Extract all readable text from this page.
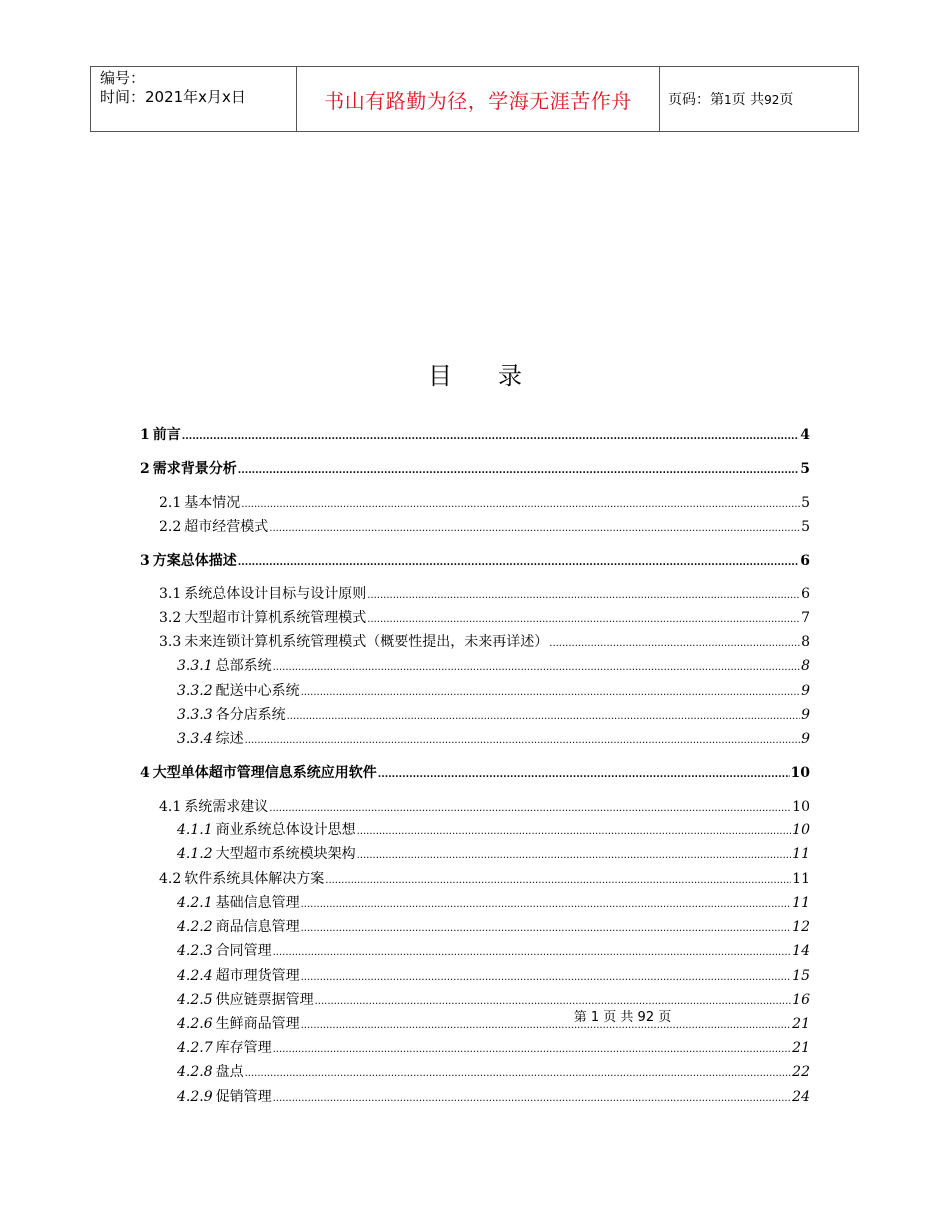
编号：
时间：2021年x月x日	书山有路勤为径，学海无涯苦作舟	页码：第1页 共92页
目 录
1 前言 .....	4
2 需求背景分析 .....	5
2.1 基本情况 .....	5
2.2 超市经营模式 .....	5
3 方案总体描述 .....	6
3.1 系统总体设计目标与设计原则 .....	6
3.2 大型超市计算机系统管理模式 .....	7
3.3 未来连锁计算机系统管理模式（概要性提出，未来再详述） .....	8
3.3.1 总部系统 .....	8
3.3.2 配送中心系统 .....	9
3.3.3 各分店系统 .....	9
3.3.4 综述 .....	9
4 大型单体超市管理信息系统应用软件 .....	10
4.1 系统需求建议 .....	10
4.1.1 商业系统总体设计思想 .....	10
4.1.2 大型超市系统模块架构 .....	11
4.2 软件系统具体解决方案 .....	11
4.2.1 基础信息管理 .....	11
4.2.2 商品信息管理 .....	12
4.2.3 合同管理 .....	14
4.2.4 超市理货管理 .....	15
4.2.5 供应链票据管理 .....	16
4.2.6 生鲜商品管理 .....	21
4.2.7 库存管理 .....	21
4.2.8 盘点 .....	22
4.2.9 促销管理 .....	24
第 1 页 共 92 页
